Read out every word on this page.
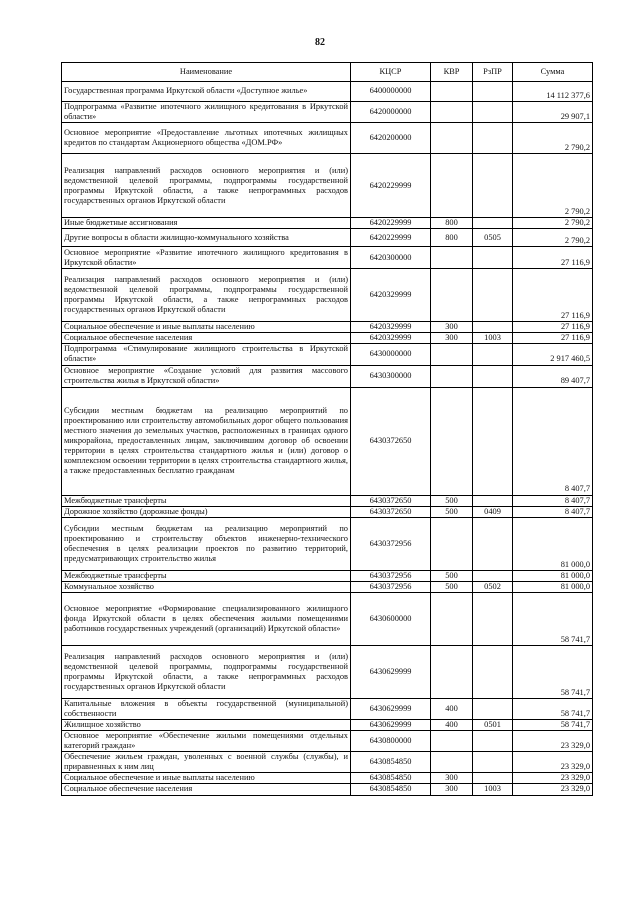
82
Наименование	КЦСР	КВР	РзПР	Сумма
Государственная программа Иркутской области «Доступное жилье»	6400000000			14 112 377,6
Подпрограмма «Развитие ипотечного жилищного кредитования в Иркутской области»	6420000000			29 907,1
Основное мероприятие «Предоставление льготных ипотечных жилищных кредитов по стандартам Акционерного общества «ДОМ.РФ»	6420200000			2 790,2
Реализация направлений расходов основного мероприятия и (или) ведомственной целевой программы, подпрограммы государственной программы Иркутской области, а также непрограммных расходов государственных органов Иркутской области	6420229999			2 790,2
Иные бюджетные ассигнования	6420229999	800		2 790,2
Другие вопросы в области жилищно-коммунального хозяйства	6420229999	800	0505	2 790,2
Основное мероприятие «Развитие ипотечного жилищного кредитования в Иркутской области»	6420300000			27 116,9
Реализация направлений расходов основного мероприятия и (или) ведомственной целевой программы, подпрограммы государственной программы Иркутской области, а также непрограммных расходов государственных органов Иркутской области	6420329999			27 116,9
Социальное обеспечение и иные выплаты населению	6420329999	300		27 116,9
Социальное обеспечение населения	6420329999	300	1003	27 116,9
Подпрограмма «Стимулирование жилищного строительства в Иркутской области»	6430000000			2 917 460,5
Основное мероприятие «Создание условий для развития массового строительства жилья в Иркутской области»	6430300000			89 407,7
Субсидии местным бюджетам на реализацию мероприятий по проектированию или строительству автомобильных дорог общего пользования местного значения до земельных участков, расположенных в границах одного микрорайона, предоставленных лицам, заключившим договор об освоении территории в целях строительства стандартного жилья и (или) договор о комплексном освоении территории в целях строительства стандартного жилья, а также предоставленных бесплатно гражданам	6430372650			8 407,7
Межбюджетные трансферты	6430372650	500		8 407,7
Дорожное хозяйство (дорожные фонды)	6430372650	500	0409	8 407,7
Субсидии местным бюджетам на реализацию мероприятий по проектированию и строительству объектов инженерно-технического обеспечения в целях реализации проектов по развитию территорий, предусматривающих строительство жилья	6430372956			81 000,0
Межбюджетные трансферты	6430372956	500		81 000,0
Коммунальное хозяйство	6430372956	500	0502	81 000,0
Основное мероприятие «Формирование специализированного жилищного фонда Иркутской области в целях обеспечения жилыми помещениями работников государственных учреждений (организаций) Иркутской области»	6430600000			58 741,7
Реализация направлений расходов основного мероприятия и (или) ведомственной целевой программы, подпрограммы государственной программы Иркутской области, а также непрограммных расходов государственных органов Иркутской области	6430629999			58 741,7
Капитальные вложения в объекты государственной (муниципальной) собственности	6430629999	400		58 741,7
Жилищное хозяйство	6430629999	400	0501	58 741,7
Основное мероприятие «Обеспечение жилыми помещениями отдельных категорий граждан»	6430800000			23 329,0
Обеспечение жильем граждан, уволенных с военной службы (службы), и приравненных к ним лиц	6430854850			23 329,0
Социальное обеспечение и иные выплаты населению	6430854850	300		23 329,0
Социальное обеспечение населения	6430854850	300	1003	23 329,0
